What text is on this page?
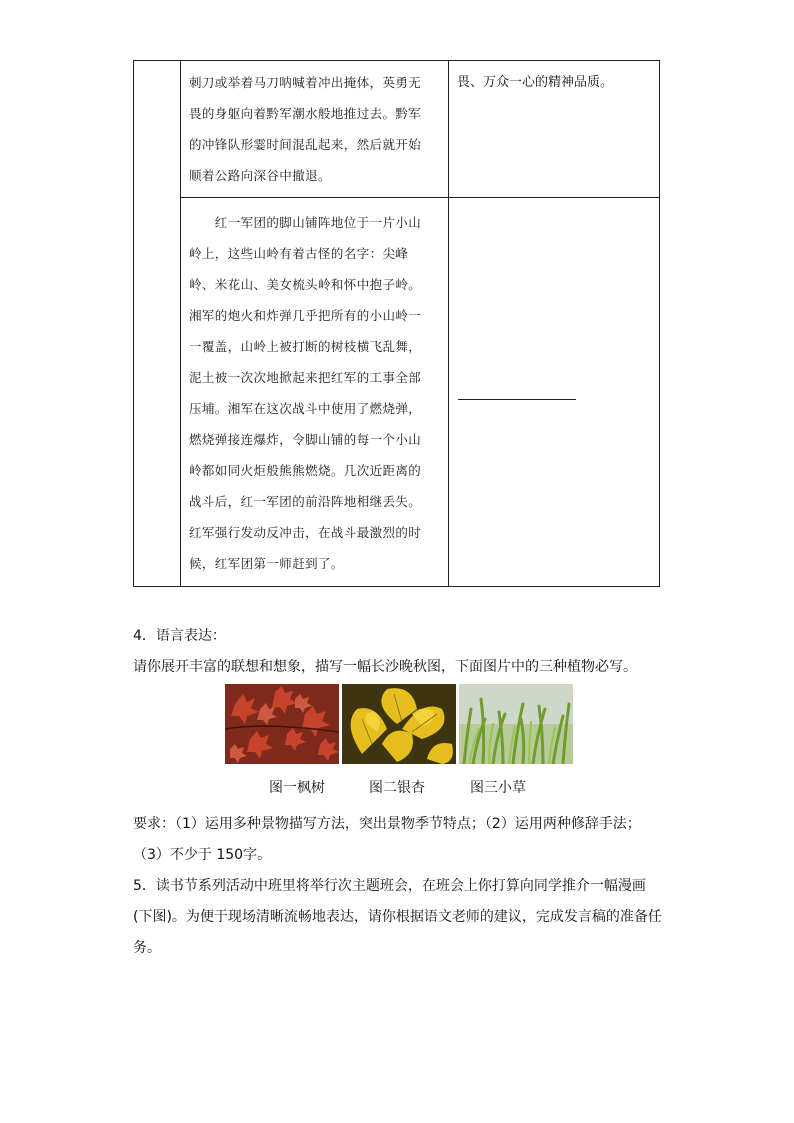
刺刀或举着马刀呐喊着冲出掩体，英勇无
畏的身躯向着黔军潮水般地推过去。黔军
的冲锋队形霎时间混乱起来，然后就开始
顺着公路向深谷中撤退。
畏、万众一心的精神品质。
　　红一军团的脚山铺阵地位于一片小山
岭上，这些山岭有着古怪的名字：尖峰
岭、米花山、美女梳头岭和怀中抱子岭。
湘军的炮火和炸弹几乎把所有的小山岭一
一覆盖，山岭上被打断的树枝横飞乱舞，
泥土被一次次地掀起来把红军的工事全部
压埔。湘军在这次战斗中使用了燃烧弹，
燃烧弹接连爆炸，令脚山铺的每一个小山
岭都如同火炬般熊熊燃烧。几次近距离的
战斗后，红一军团的前沿阵地相继丢失。
红军强行发动反冲击，在战斗最激烈的时
候，红军团第一师赶到了。
4．语言表达：
请你展开丰富的联想和想象，描写一幅长沙晚秋图，下面图片中的三种植物必写。
图一枫树	图二银杏	图三小草
要求：（1）运用多种景物描写方法，突出景物季节特点；（2）运用两种修辞手法；
（3）不少于 150字。
5．读书节系列活动中班里将举行次主题班会，在班会上你打算向同学推介一幅漫画
(下图)。为便于现场清晰流畅地表达，请你根据语文老师的建议，完成发言稿的准备任
务。
